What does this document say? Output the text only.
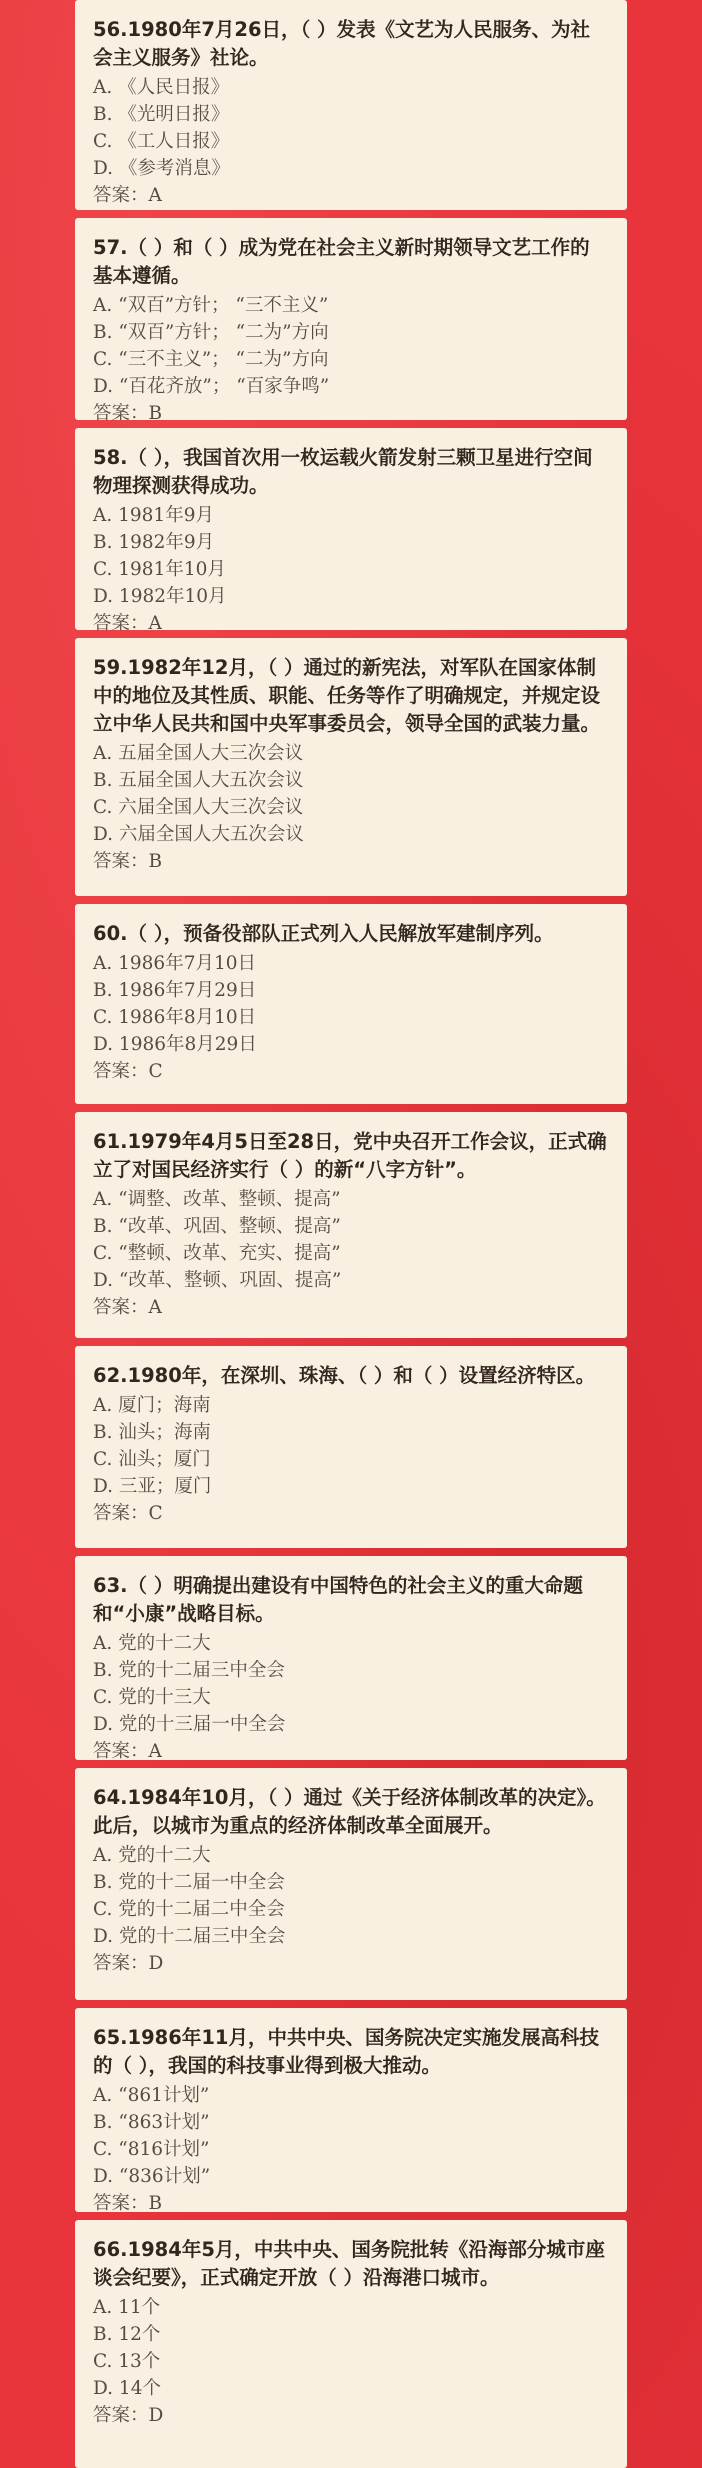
56.1980年7月26日，（ ）发表《文艺为人民服务、为社会主义服务》社论。
A. 《人民日报》
B. 《光明日报》
C. 《工人日报》
D. 《参考消息》
答案：A
57.（ ）和（ ）成为党在社会主义新时期领导文艺工作的基本遵循。
A. “双百”方针； “三不主义”
B. “双百”方针； “二为”方向
C. “三不主义”； “二为”方向
D. “百花齐放”； “百家争鸣”
答案：B
58.（ ），我国首次用一枚运载火箭发射三颗卫星进行空间物理探测获得成功。
A. 1981年9月
B. 1982年9月
C. 1981年10月
D. 1982年10月
答案：A
59.1982年12月，（ ）通过的新宪法，对军队在国家体制中的地位及其性质、职能、任务等作了明确规定，并规定设立中华人民共和国中央军事委员会，领导全国的武装力量。
A. 五届全国人大三次会议
B. 五届全国人大五次会议
C. 六届全国人大三次会议
D. 六届全国人大五次会议
答案：B
60.（ ），预备役部队正式列入人民解放军建制序列。
A. 1986年7月10日
B. 1986年7月29日
C. 1986年8月10日
D. 1986年8月29日
答案：C
61.1979年4月5日至28日，党中央召开工作会议，正式确立了对国民经济实行（ ）的新“八字方针”。
A. “调整、改革、整顿、提高”
B. “改革、巩固、整顿、提高”
C. “整顿、改革、充实、提高”
D. “改革、整顿、巩固、提高”
答案：A
62.1980年，在深圳、珠海、（ ）和（ ）设置经济特区。
A. 厦门；海南
B. 汕头；海南
C. 汕头；厦门
D. 三亚；厦门
答案：C
63.（ ）明确提出建设有中国特色的社会主义的重大命题和“小康”战略目标。
A. 党的十二大
B. 党的十二届三中全会
C. 党的十三大
D. 党的十三届一中全会
答案：A
64.1984年10月，（ ）通过《关于经济体制改革的决定》。此后，以城市为重点的经济体制改革全面展开。
A. 党的十二大
B. 党的十二届一中全会
C. 党的十二届二中全会
D. 党的十二届三中全会
答案：D
65.1986年11月，中共中央、国务院决定实施发展高科技的（ ），我国的科技事业得到极大推动。
A. “861计划”
B. “863计划”
C. “816计划”
D. “836计划”
答案：B
66.1984年5月，中共中央、国务院批转《沿海部分城市座谈会纪要》，正式确定开放（ ）沿海港口城市。
A. 11个
B. 12个
C. 13个
D. 14个
答案：D
